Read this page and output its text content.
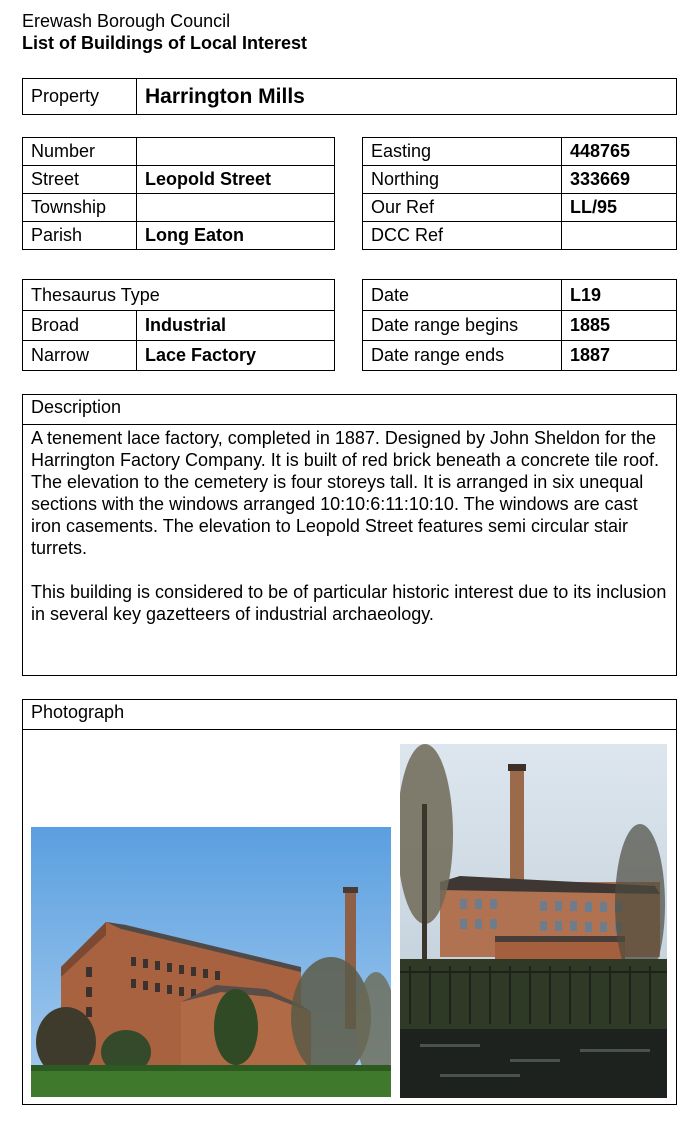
Erewash Borough Council
List of Buildings of Local Interest
Property	Harrington Mills
Number	
Street	Leopold Street
Township	
Parish	Long Eaton
Easting	448765
Northing	333669
Our Ref	LL/95
DCC Ref	
Thesaurus Type	
Broad	Industrial
Narrow	Lace Factory
Date	L19
Date range begins	1885
Date range ends	1887
Description

A tenement lace factory, completed in 1887. Designed by John Sheldon for the Harrington Factory Company. It is built of red brick beneath a concrete tile roof. The elevation to the cemetery is four storeys tall. It is arranged in six unequal sections with the windows arranged 10:10:6:11:10:10. The windows are cast iron casements. The elevation to Leopold Street features semi circular stair turrets.

This building is considered to be of particular historic interest due to its inclusion in several key gazetteers of industrial archaeology.

Photograph
